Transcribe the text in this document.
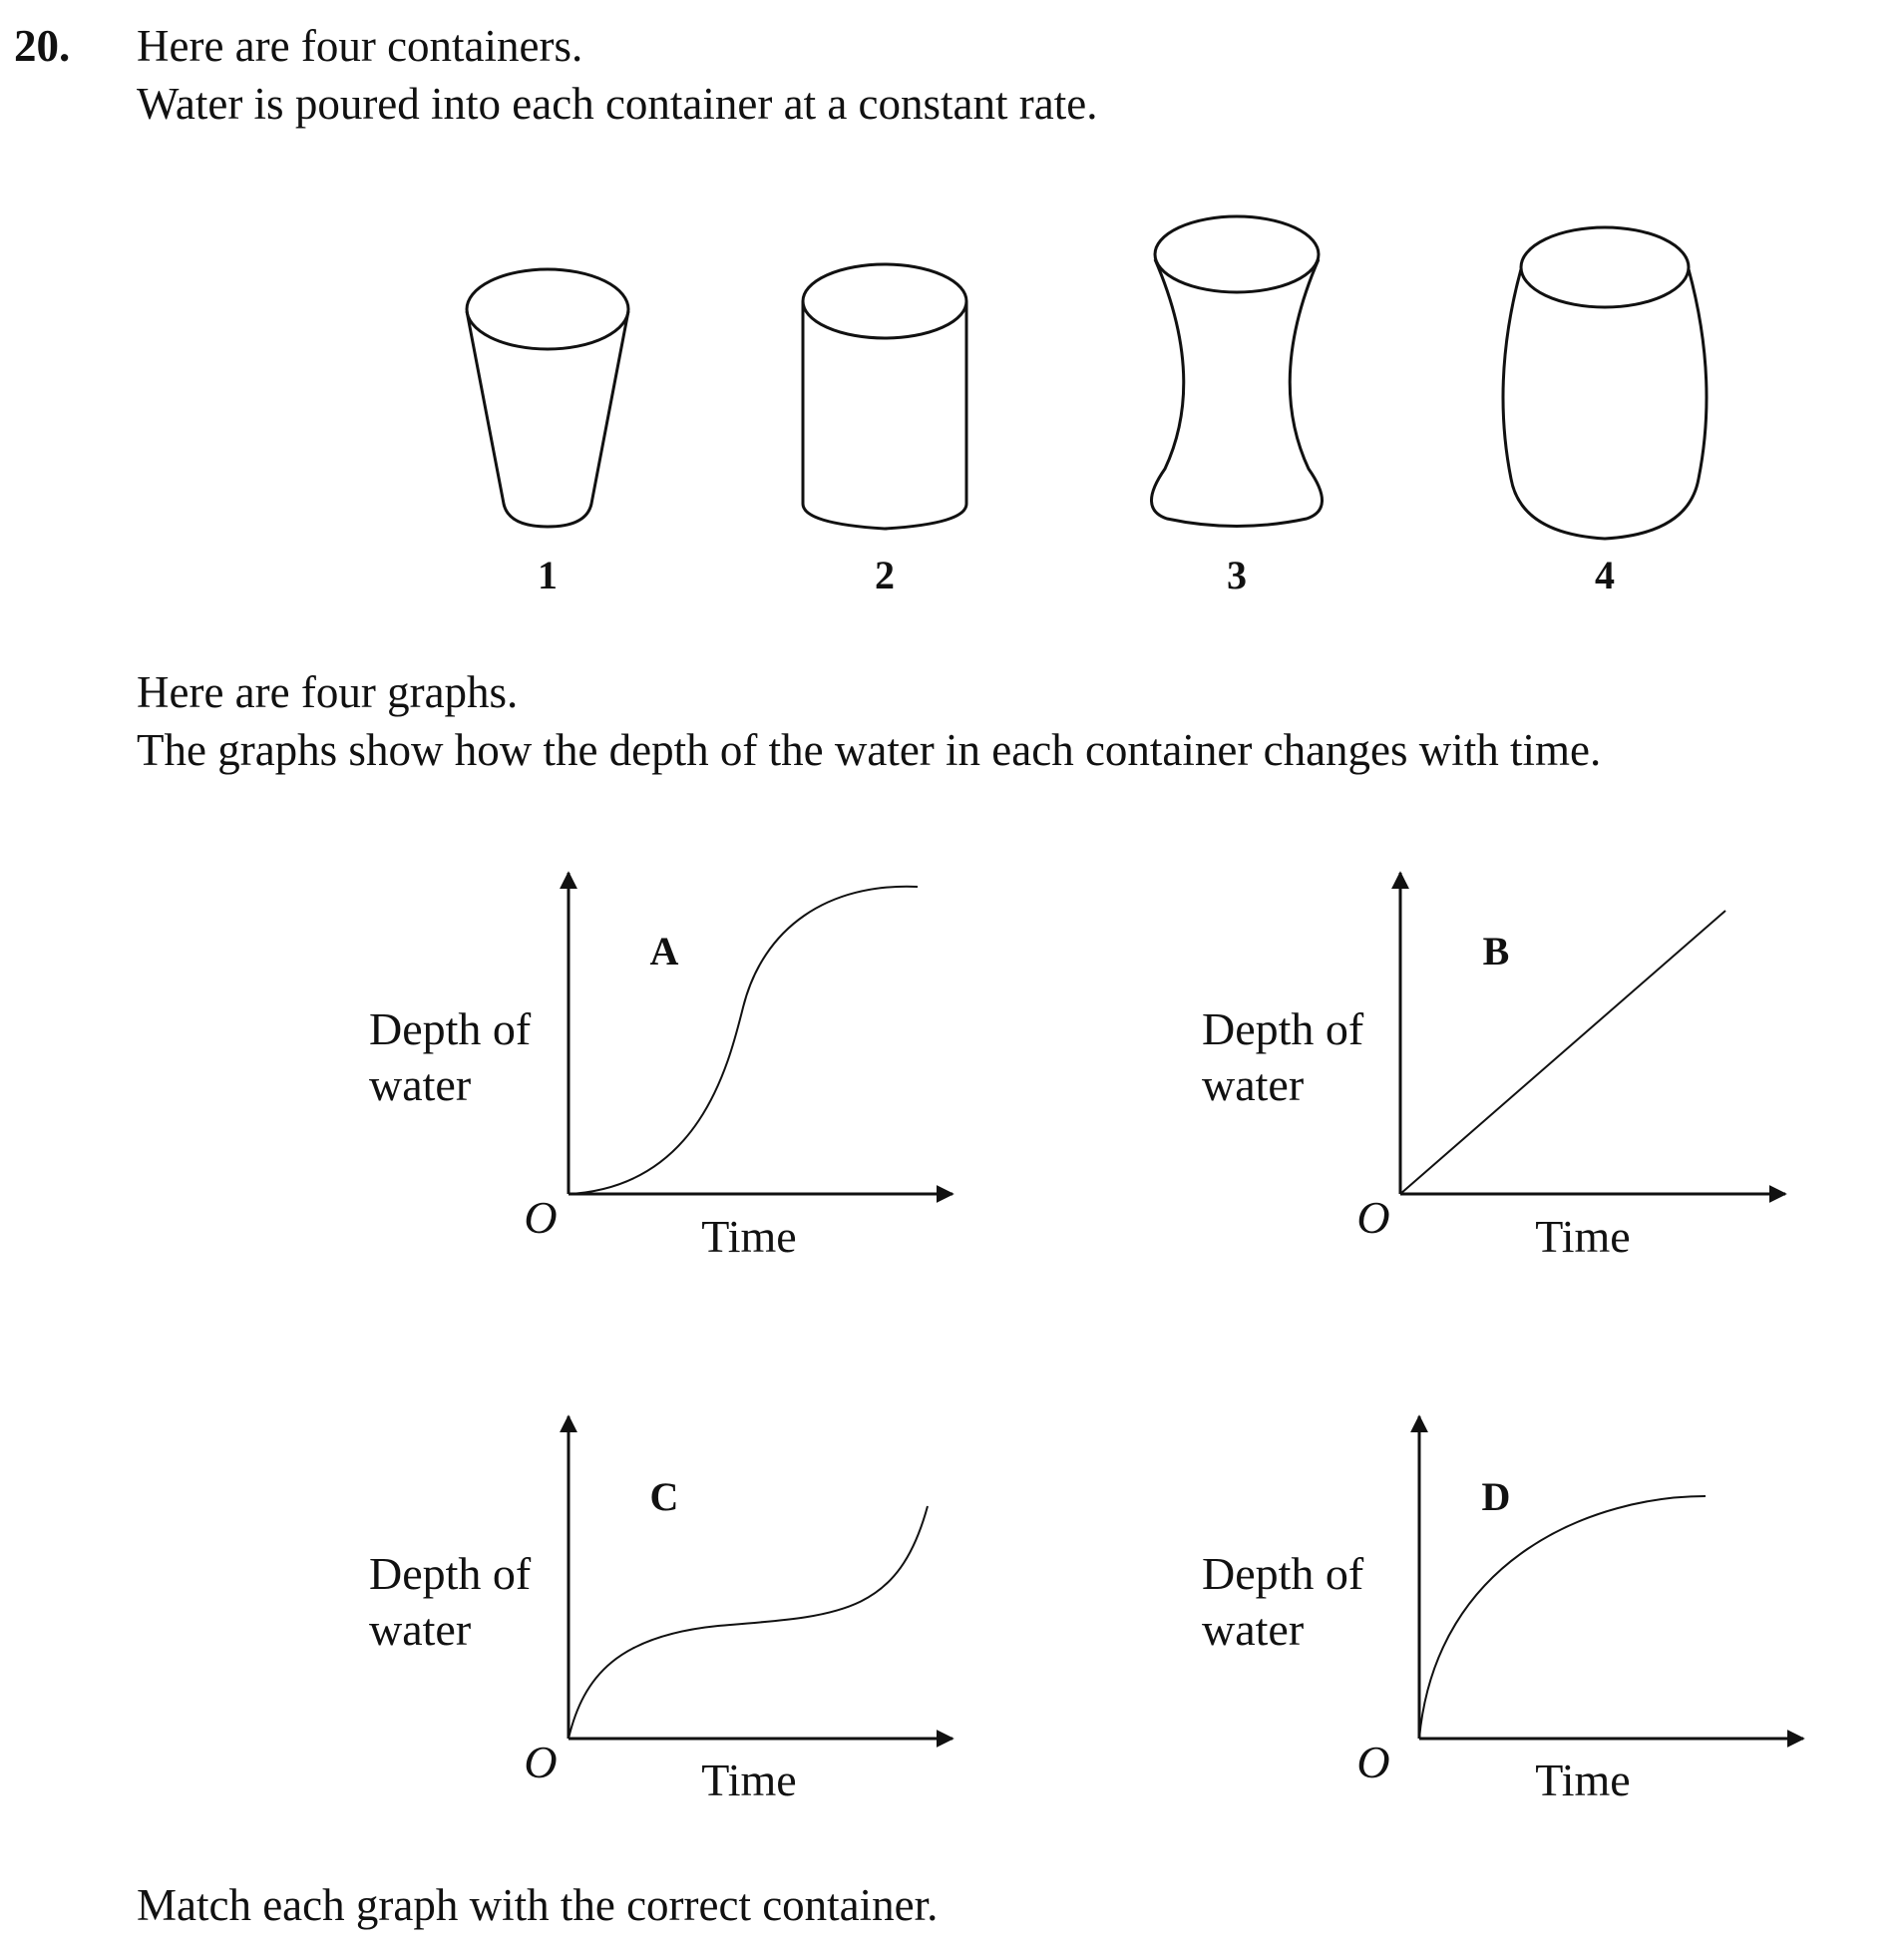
20. Here are four containers.
Water is poured into each container at a constant rate.
Here are four graphs.
The graphs show how the depth of the water in each container changes with time.
Match each graph with the correct container.
1	2	3	4
A
Depth of
water
O	Time
B
Depth of
water
O	Time
C
Depth of
water
O	Time
D
Depth of
water
O	Time
